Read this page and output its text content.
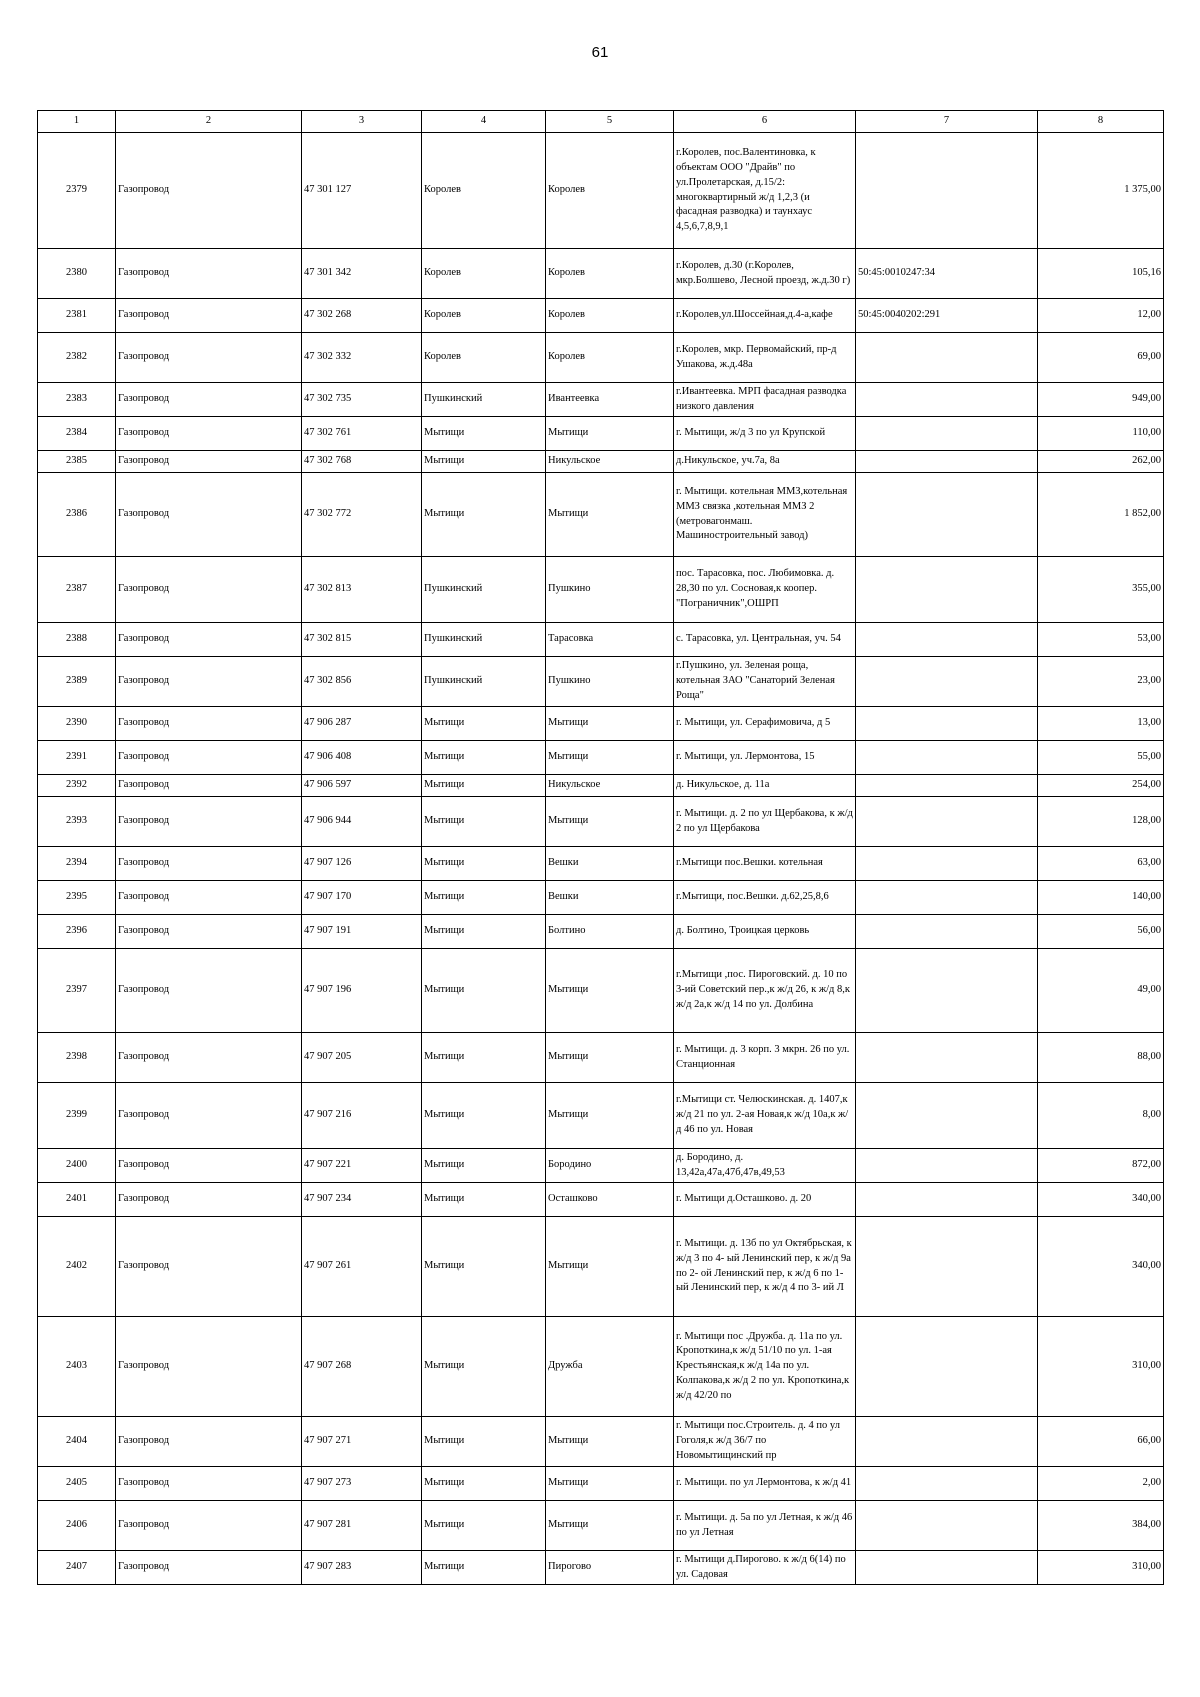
61
1	2	3	4	5	6	7	8
2379	Газопровод	47 301 127	Королев	Королев	г.Королев, пос.Валентиновка, к объектам ООО "Драйв" по ул.Пролетарская, д.15/2: многоквартирный ж/д 1,2,3 (и фасадная разводка) и таунхаус 4,5,6,7,8,9,1		1 375,00
2380	Газопровод	47 301 342	Королев	Королев	г.Королев, д.30 (г.Королев, мкр.Болшево, Лесной проезд, ж.д.30 г)	50:45:0010247:34	105,16
2381	Газопровод	47 302 268	Королев	Королев	г.Королев,ул.Шоссейная,д.4-а,кафе	50:45:0040202:291	12,00
2382	Газопровод	47 302 332	Королев	Королев	г.Королев, мкр. Первомайский, пр-д Ушакова, ж.д.48а		69,00
2383	Газопровод	47 302 735	Пушкинский	Ивантеевка	г.Ивантеевка. МРП фасадная разводка низкого давления		949,00
2384	Газопровод	47 302 761	Мытищи	Мытищи	г. Мытищи, ж/д 3 по ул Крупской		110,00
2385	Газопровод	47 302 768	Мытищи	Никульское	д.Никульское, уч.7а, 8а		262,00
2386	Газопровод	47 302 772	Мытищи	Мытищи	г. Мытищи. котельная ММЗ,котельная ММЗ связка ,котельная ММЗ 2 (метровагонмаш. Машиностроительный завод)		1 852,00
2387	Газопровод	47 302 813	Пушкинский	Пушкино	пос. Тарасовка, пос. Любимовка. д. 28,30 по ул. Сосновая,к коопер. "Пограничник",ОШРП		355,00
2388	Газопровод	47 302 815	Пушкинский	Тарасовка	с. Тарасовка, ул. Центральная, уч. 54		53,00
2389	Газопровод	47 302 856	Пушкинский	Пушкино	г.Пушкино, ул. Зеленая роща, котельная ЗАО "Санаторий Зеленая Роща"		23,00
2390	Газопровод	47 906 287	Мытищи	Мытищи	г. Мытищи, ул. Серафимовича, д 5		13,00
2391	Газопровод	47 906 408	Мытищи	Мытищи	г. Мытищи, ул. Лермонтова, 15		55,00
2392	Газопровод	47 906 597	Мытищи	Никульское	д. Никульское, д. 11а		254,00
2393	Газопровод	47 906 944	Мытищи	Мытищи	г. Мытищи. д. 2 по ул Щербакова, к ж/д 2 по ул Щербакова		128,00
2394	Газопровод	47 907 126	Мытищи	Вешки	г.Мытищи пос.Вешки. котельная		63,00
2395	Газопровод	47 907 170	Мытищи	Вешки	г.Мытищи, пос.Вешки. д.62,25,8,6		140,00
2396	Газопровод	47 907 191	Мытищи	Болтино	д. Болтино, Троицкая церковь		56,00
2397	Газопровод	47 907 196	Мытищи	Мытищи	г.Мытищи ,пос. Пироговский. д. 10 по 3-ий Советский пер.,к ж/д 26, к ж/д 8,к ж/д 2а,к ж/д 14 по ул. Долбина		49,00
2398	Газопровод	47 907 205	Мытищи	Мытищи	г. Мытищи. д. 3 корп. 3 мкрн. 26 по ул. Станционная		88,00
2399	Газопровод	47 907 216	Мытищи	Мытищи	г.Мытищи ст. Челюскинская. д. 1407,к ж/д 21 по ул. 2-ая Новая,к ж/д 10а,к ж/д 46 по ул. Новая		8,00
2400	Газопровод	47 907 221	Мытищи	Бородино	д. Бородино, д. 13,42а,47а,47б,47в,49,53		872,00
2401	Газопровод	47 907 234	Мытищи	Осташково	г. Мытищи д.Осташково. д. 20		340,00
2402	Газопровод	47 907 261	Мытищи	Мытищи	г. Мытищи. д. 13б по ул Октябрьская, к ж/д 3 по 4- ый Ленинский пер, к ж/д 9а по 2- ой Ленинский пер, к ж/д 6 по 1- ый Ленинский пер, к ж/д 4 по 3- ий Л		340,00
2403	Газопровод	47 907 268	Мытищи	Дружба	г. Мытищи пос .Дружба. д. 11а по ул. Кропоткина,к ж/д 51/10 по ул. 1-ая Крестьянская,к ж/д 14а по ул. Колпакова,к ж/д 2 по ул. Кропоткина,к ж/д 42/20 по		310,00
2404	Газопровод	47 907 271	Мытищи	Мытищи	г. Мытищи пос.Строитель. д. 4 по ул Гоголя,к ж/д 36/7 по Новомытищинский пр		66,00
2405	Газопровод	47 907 273	Мытищи	Мытищи	г. Мытищи. по ул Лермонтова, к ж/д 41		2,00
2406	Газопровод	47 907 281	Мытищи	Мытищи	г. Мытищи. д. 5а по ул Летная, к ж/д 46 по ул Летная		384,00
2407	Газопровод	47 907 283	Мытищи	Пирогово	г. Мытищи д.Пирогово. к ж/д 6(14) по ул. Садовая		310,00
